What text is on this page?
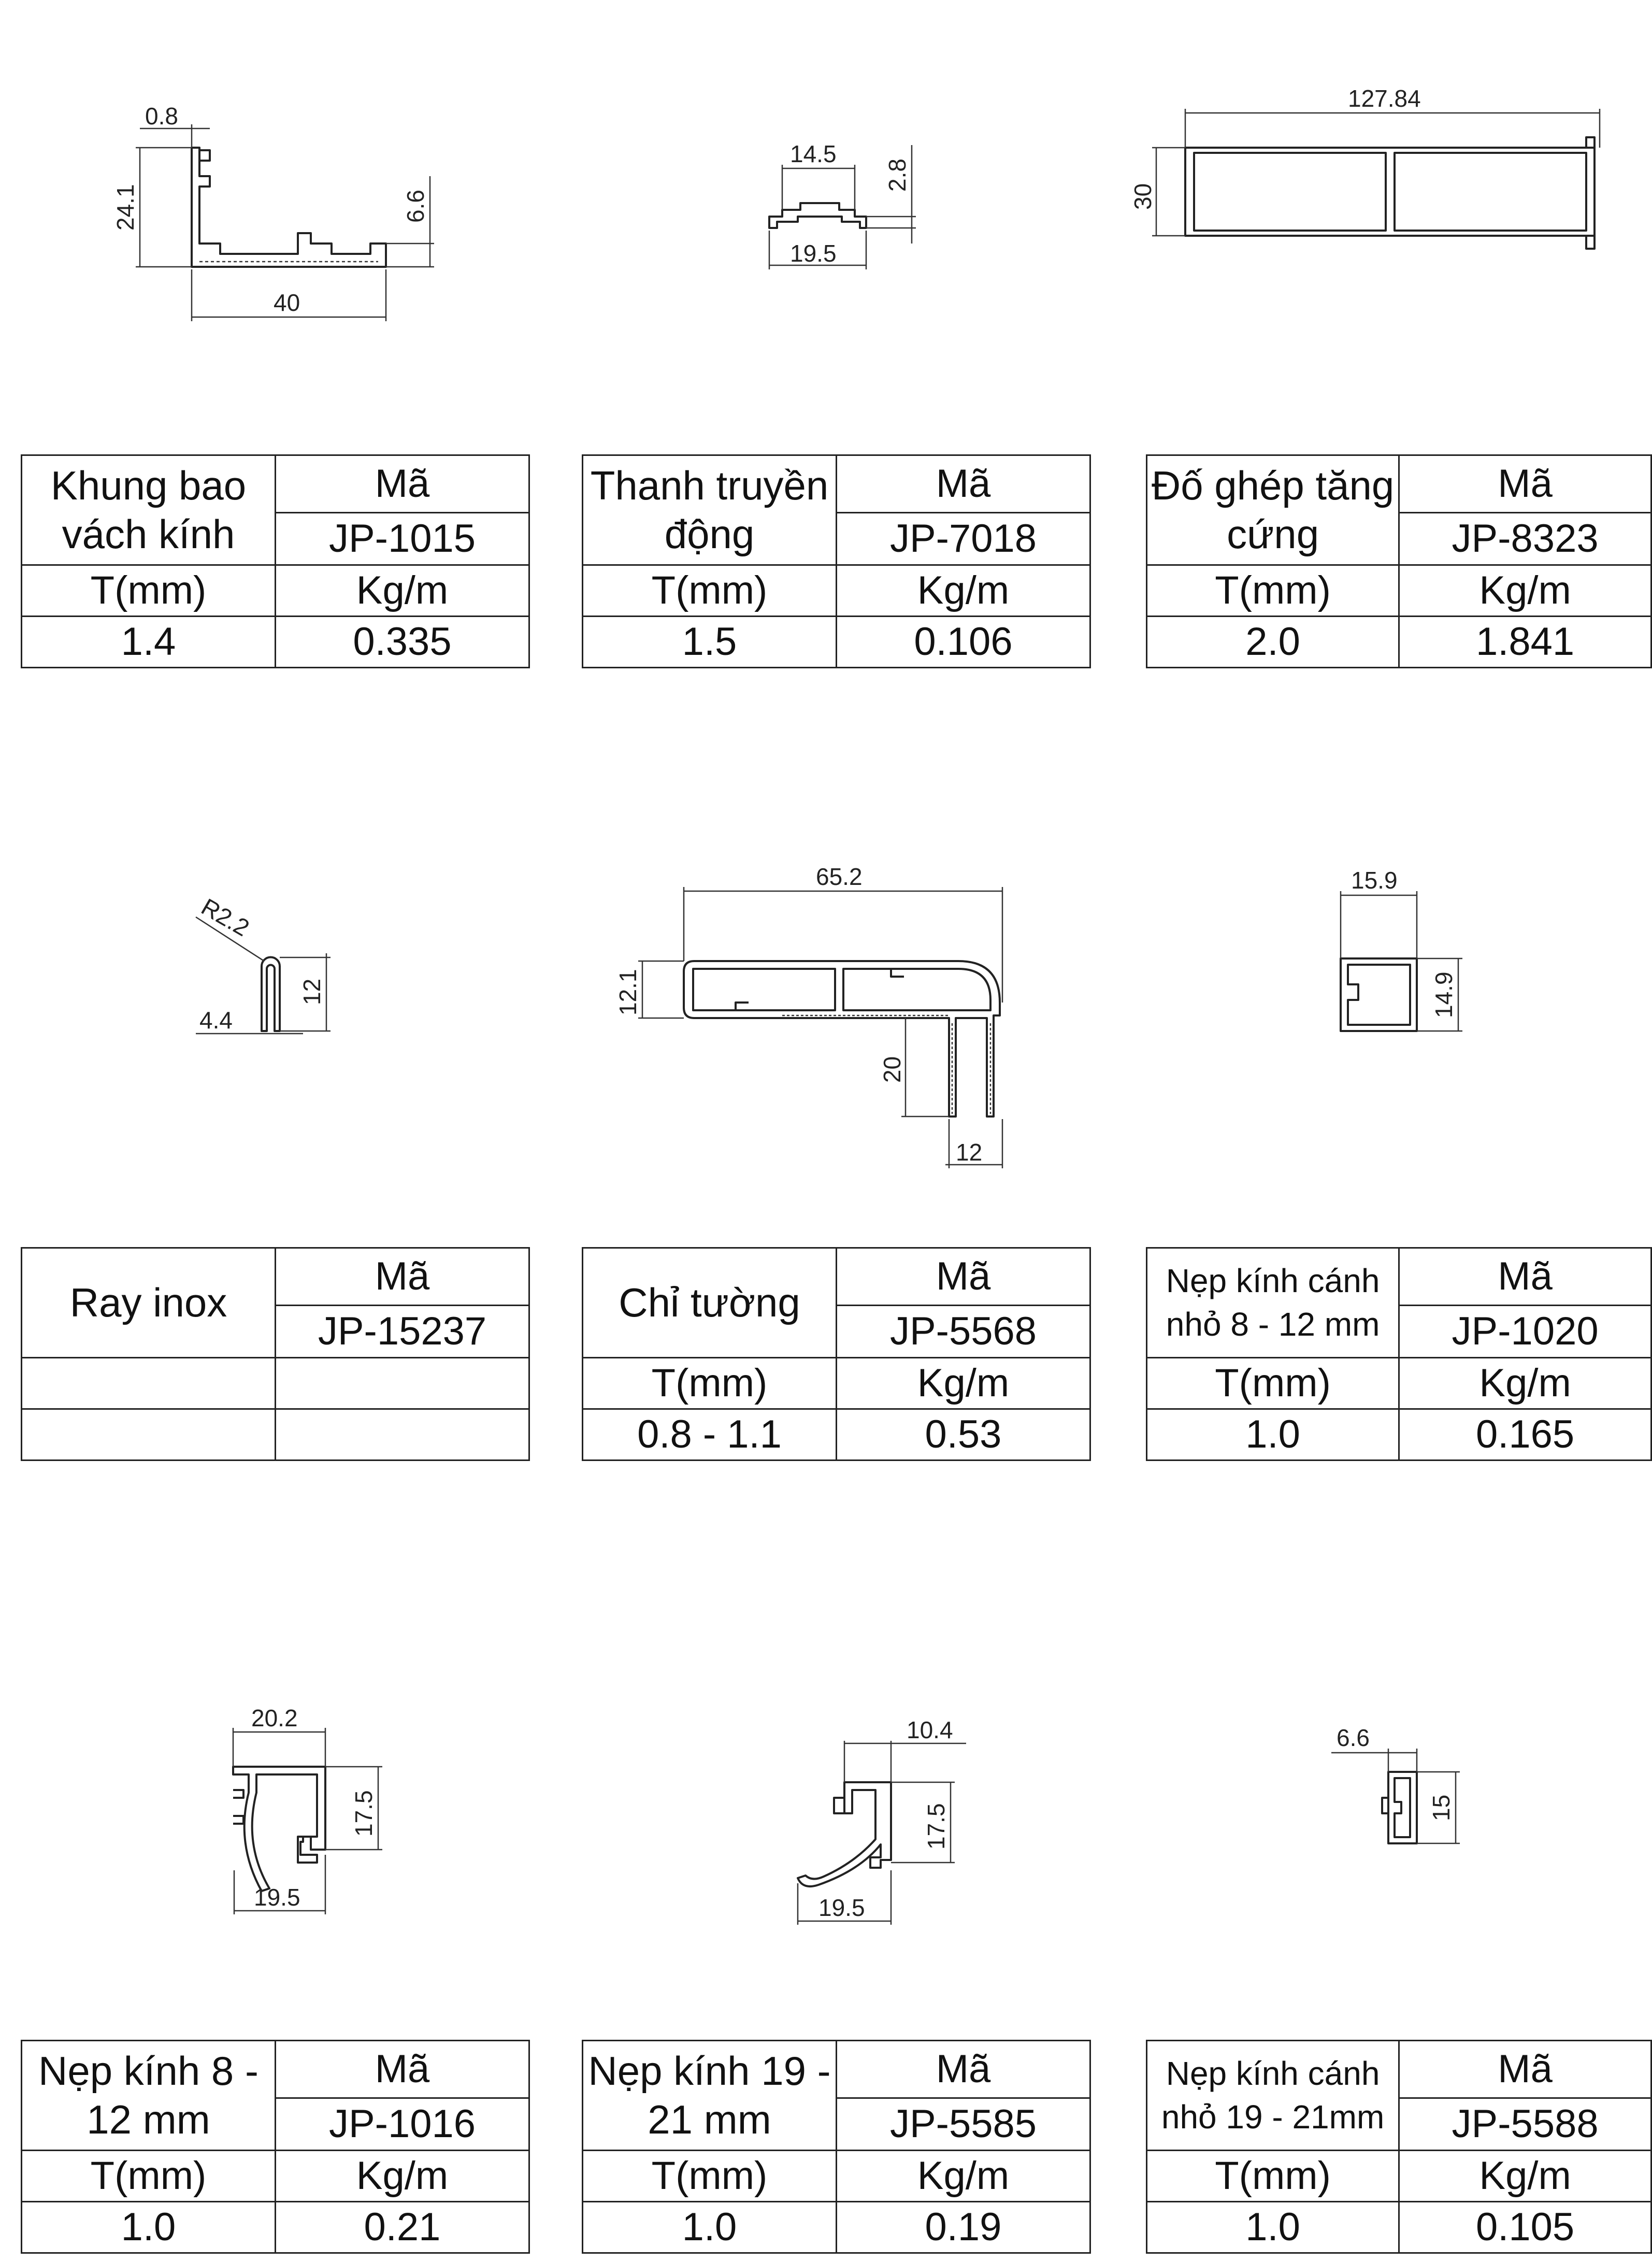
0.8
24.1	6.6
40
14.5
2.8
19.5
127.84
30
R2.2
12
4.4
65.2
12.1
20
12
15.9
14.9
20.2
17.5
19.5
10.4
17.5
19.5
6.6
15
Khung bao vách kính	Mã
	JP-1015
T(mm)	Kg/m
1.4	0.335
Thanh truyền động	Mã
	JP-7018
T(mm)	Kg/m
1.5	0.106
Đố ghép tăng cứng	Mã
	JP-8323
T(mm)	Kg/m
2.0	1.841
Ray inox	Mã
	JP-15237

Chỉ tường	Mã
	JP-5568
T(mm)	Kg/m
0.8 - 1.1	0.53
Nẹp kính cánh nhỏ 8 - 12 mm	Mã
	JP-1020
T(mm)	Kg/m
1.0	0.165
Nẹp kính 8 - 12 mm	Mã
	JP-1016
T(mm)	Kg/m
1.0	0.21
Nẹp kính 19 - 21 mm	Mã
	JP-5585
T(mm)	Kg/m
1.0	0.19
Nẹp kính cánh nhỏ 19 - 21mm	Mã
	JP-5588
T(mm)	Kg/m
1.0	0.105
